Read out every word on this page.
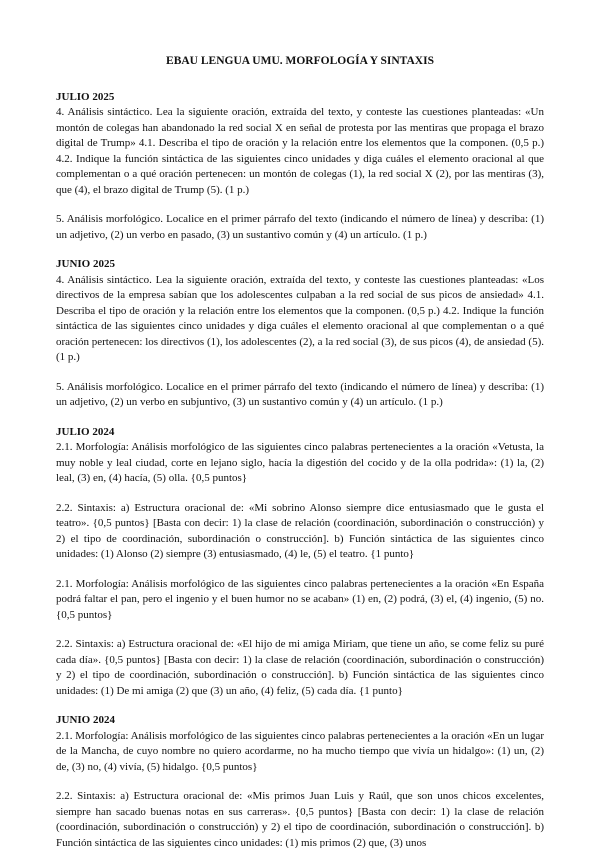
EBAU LENGUA UMU. MORFOLOGÍA Y SINTAXIS
JULIO 2025

4. Análisis sintáctico. Lea la siguiente oración, extraída del texto, y conteste las cuestiones planteadas: «Un montón de colegas han abandonado la red social X en señal de protesta por las mentiras que propaga el brazo digital de Trump» 4.1. Describa el tipo de oración y la relación entre los elementos que la componen. (0,5 p.) 4.2. Indique la función sintáctica de las siguientes cinco unidades y diga cuáles el elemento oracional al que complementan o a qué oración pertenecen: un montón de colegas (1), la red social X (2), por las mentiras (3), que (4), el brazo digital de Trump (5). (1 p.)

5. Análisis morfológico. Localice en el primer párrafo del texto (indicando el número de línea) y describa: (1) un adjetivo, (2) un verbo en pasado, (3) un sustantivo común y (4) un artículo. (1 p.)

JUNIO 2025

4. Análisis sintáctico. Lea la siguiente oración, extraída del texto, y conteste las cuestiones planteadas: «Los directivos de la empresa sabían que los adolescentes culpaban a la red social de sus picos de ansiedad» 4.1. Describa el tipo de oración y la relación entre los elementos que la componen. (0,5 p.) 4.2. Indique la función sintáctica de las siguientes cinco unidades y diga cuáles el elemento oracional al que complementan o a qué oración pertenecen: los directivos (1), los adolescentes (2), a la red social (3), de sus picos (4), de ansiedad (5). (1 p.)

5. Análisis morfológico. Localice en el primer párrafo del texto (indicando el número de línea) y describa: (1) un adjetivo, (2) un verbo en subjuntivo, (3) un sustantivo común y (4) un artículo. (1 p.)

JULIO 2024

2.1. Morfología: Análisis morfológico de las siguientes cinco palabras pertenecientes a la oración «Vetusta, la muy noble y leal ciudad, corte en lejano siglo, hacía la digestión del cocido y de la olla podrida»: (1) la, (2) leal, (3) en, (4) hacía, (5) olla. {0,5 puntos}

2.2. Sintaxis: a) Estructura oracional de: «Mi sobrino Alonso siempre dice entusiasmado que le gusta el teatro». {0,5 puntos} [Basta con decir: 1) la clase de relación (coordinación, subordinación o construcción) y 2) el tipo de coordinación, subordinación o construcción]. b) Función sintáctica de las siguientes cinco unidades: (1) Alonso (2) siempre (3) entusiasmado, (4) le, (5) el teatro. {1 punto}

2.1. Morfología: Análisis morfológico de las siguientes cinco palabras pertenecientes a la oración «En España podrá faltar el pan, pero el ingenio y el buen humor no se acaban» (1) en, (2) podrá, (3) el, (4) ingenio, (5) no. {0,5 puntos}

2.2. Sintaxis: a) Estructura oracional de: «El hijo de mi amiga Miriam, que tiene un año, se come feliz su puré cada día». {0,5 puntos} [Basta con decir: 1) la clase de relación (coordinación, subordinación o construcción) y 2) el tipo de coordinación, subordinación o construcción]. b) Función sintáctica de las siguientes cinco unidades: (1) De mi amiga (2) que (3) un año, (4) feliz, (5) cada día. {1 punto}

JUNIO 2024

2.1. Morfología: Análisis morfológico de las siguientes cinco palabras pertenecientes a la oración «En un lugar de la Mancha, de cuyo nombre no quiero acordarme, no ha mucho tiempo que vivía un hidalgo»: (1) un, (2) de, (3) no, (4) vivía, (5) hidalgo. {0,5 puntos}

2.2. Sintaxis: a) Estructura oracional de: «Mis primos Juan Luis y Raúl, que son unos chicos excelentes, siempre han sacado buenas notas en sus carreras». {0,5 puntos} [Basta con decir: 1) la clase de relación (coordinación, subordinación o construcción) y 2) el tipo de coordinación, subordinación o construcción]. b) Función sintáctica de las siguientes cinco unidades: (1) mis primos (2) que, (3) unos
